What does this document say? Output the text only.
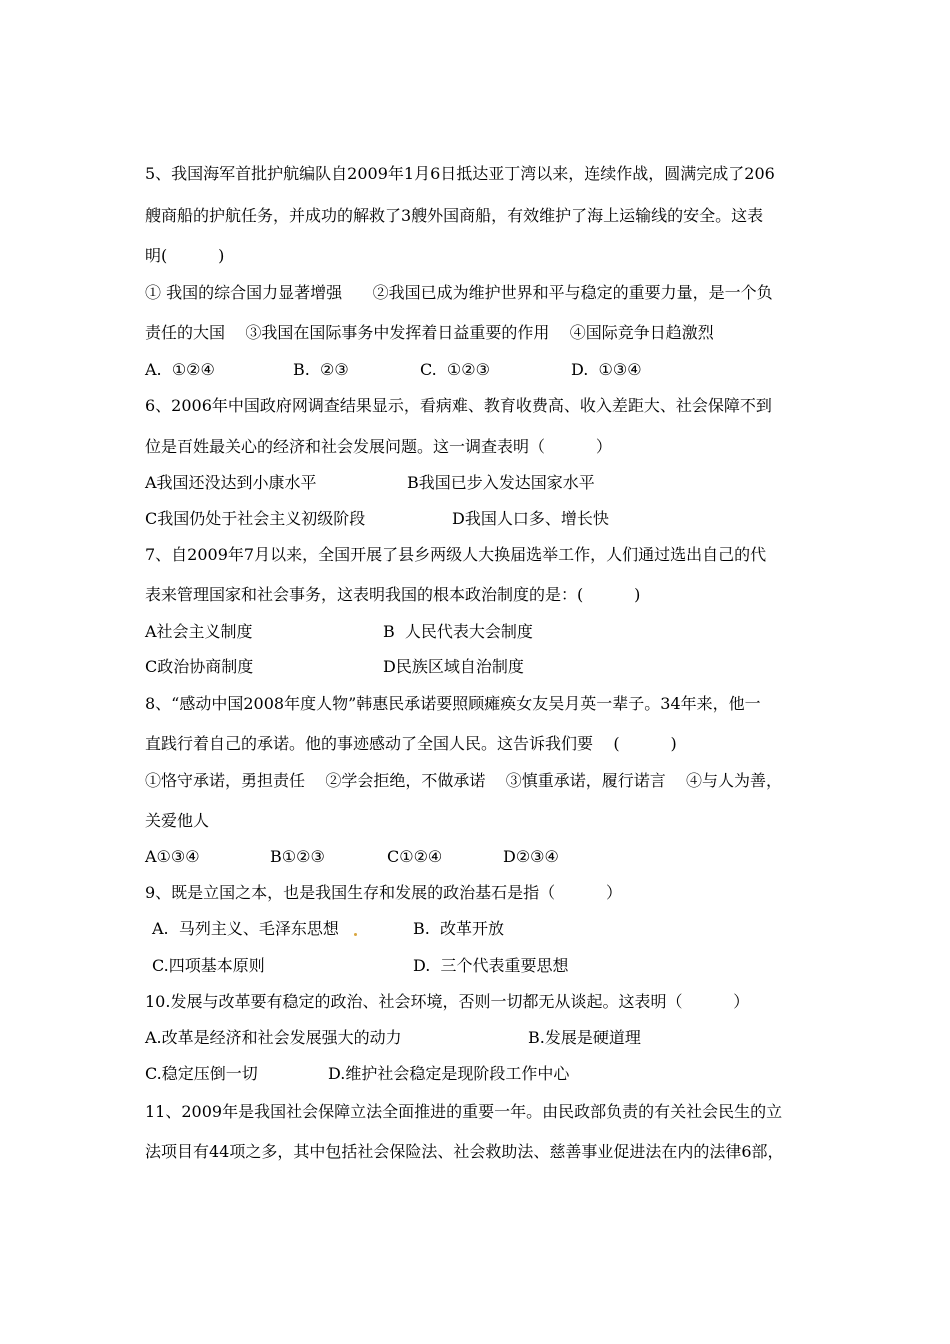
5、我国海军首批护航编队自2009年1月6日抵达亚丁湾以来，连续作战，圆满完成了206
艘商船的护航任务，并成功的解救了3艘外国商船，有效维护了海上运输线的安全。这表
明(          )
① 我国的综合国力显著增强      ②我国已成为维护世界和平与稳定的重要力量，是一个负
责任的大国    ③我国在国际事务中发挥着日益重要的作用    ④国际竞争日趋激烈
A.  ①②④	B.  ②③	C.  ①②③	D.  ①③④
6、2006年中国政府网调查结果显示，看病难、教育收费高、收入差距大、社会保障不到
位是百姓最关心的经济和社会发展问题。这一调查表明（          ）
A我国还没达到小康水平	B我国已步入发达国家水平
C我国仍处于社会主义初级阶段	D我国人口多、增长快
7、自2009年7月以来，全国开展了县乡两级人大换届选举工作，人们通过选出自己的代
表来管理国家和社会事务，这表明我国的根本政治制度的是：(          )
A社会主义制度	B  人民代表大会制度
C政治协商制度	D民族区域自治制度
8、“感动中国2008年度人物”韩惠民承诺要照顾瘫痪女友吴月英一辈子。34年来，他一
直践行着自己的承诺。他的事迹感动了全国人民。这告诉我们要    (          )
①恪守承诺，勇担责任    ②学会拒绝，不做承诺    ③慎重承诺，履行诺言    ④与人为善，
关爱他人
A①③④	B①②③	C①②④	D②③④
9、既是立国之本，也是我国生存和发展的政治基石是指（          ）
A.  马列主义、毛泽东思想	B.  改革开放
C.四项基本原则	D.  三个代表重要思想
10.发展与改革要有稳定的政治、社会环境，否则一切都无从谈起。这表明（          ）
A.改革是经济和社会发展强大的动力	B.发展是硬道理
C.稳定压倒一切	D.维护社会稳定是现阶段工作中心
11、2009年是我国社会保障立法全面推进的重要一年。由民政部负责的有关社会民生的立
法项目有44项之多，其中包括社会保险法、社会救助法、慈善事业促进法在内的法律6部，
